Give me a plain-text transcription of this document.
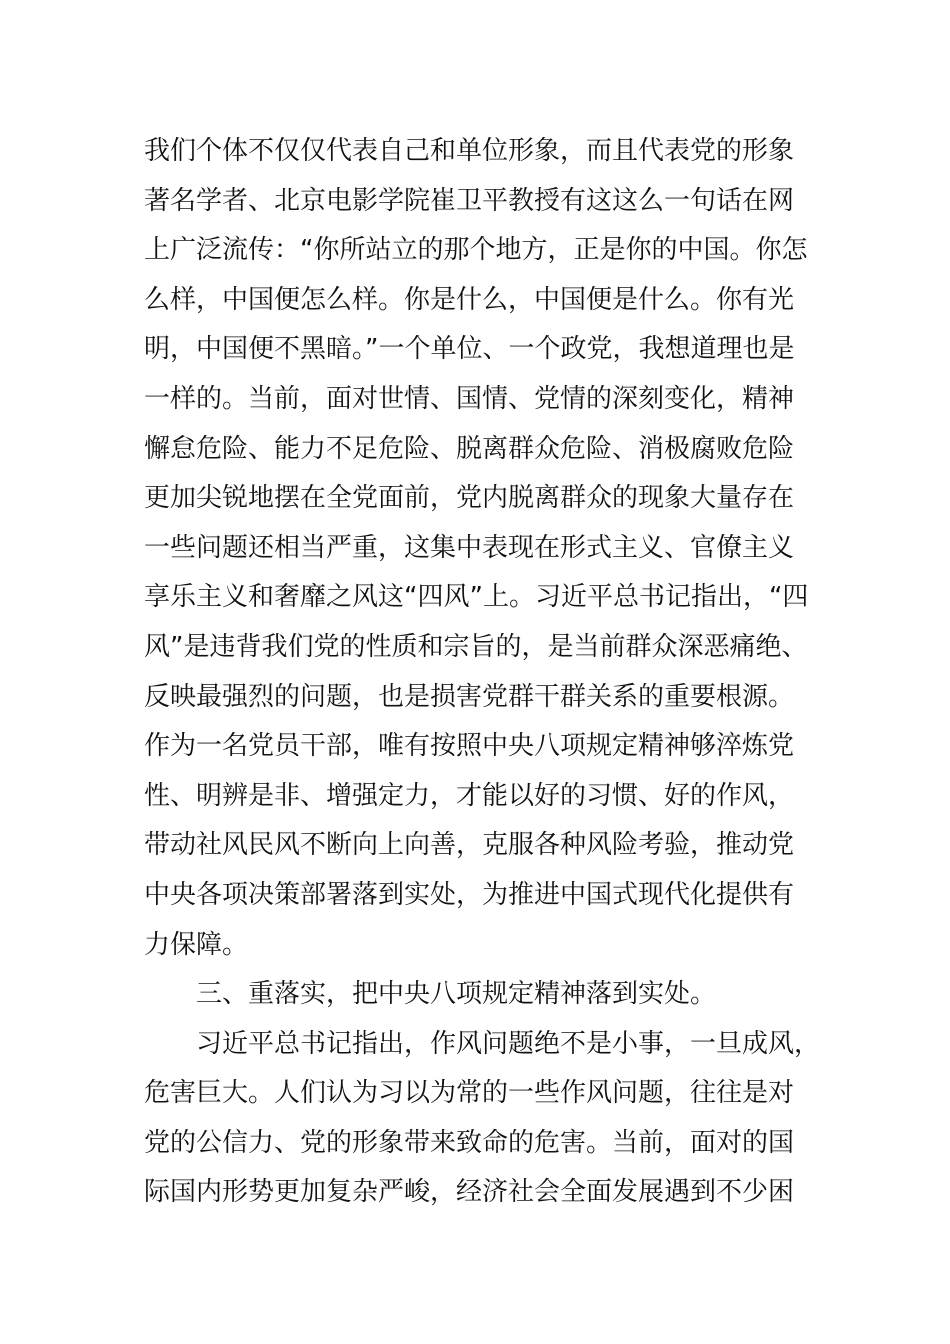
我们个体不仅仅代表自己和单位形象，而且代表党的形象
著名学者、北京电影学院崔卫平教授有这这么一句话在网
上广泛流传：“你所站立的那个地方，正是你的中国。你怎
么样，中国便怎么样。你是什么，中国便是什么。你有光
明，中国便不黑暗。”一个单位、一个政党，我想道理也是
一样的。当前，面对世情、国情、党情的深刻变化，精神
懈怠危险、能力不足危险、脱离群众危险、消极腐败危险
更加尖锐地摆在全党面前，党内脱离群众的现象大量存在
一些问题还相当严重，这集中表现在形式主义、官僚主义
享乐主义和奢靡之风这“四风”上。习近平总书记指出，“四
风”是违背我们党的性质和宗旨的，是当前群众深恶痛绝、
反映最强烈的问题，也是损害党群干群关系的重要根源。
作为一名党员干部，唯有按照中央八项规定精神够淬炼党
性、明辨是非、增强定力，才能以好的习惯、好的作风，
带动社风民风不断向上向善，克服各种风险考验，推动党
中央各项决策部署落到实处，为推进中国式现代化提供有
力保障。
三、重落实，把中央八项规定精神落到实处。
习近平总书记指出，作风问题绝不是小事，一旦成风，
危害巨大。人们认为习以为常的一些作风问题，往往是对
党的公信力、党的形象带来致命的危害。当前，面对的国
际国内形势更加复杂严峻，经济社会全面发展遇到不少困
